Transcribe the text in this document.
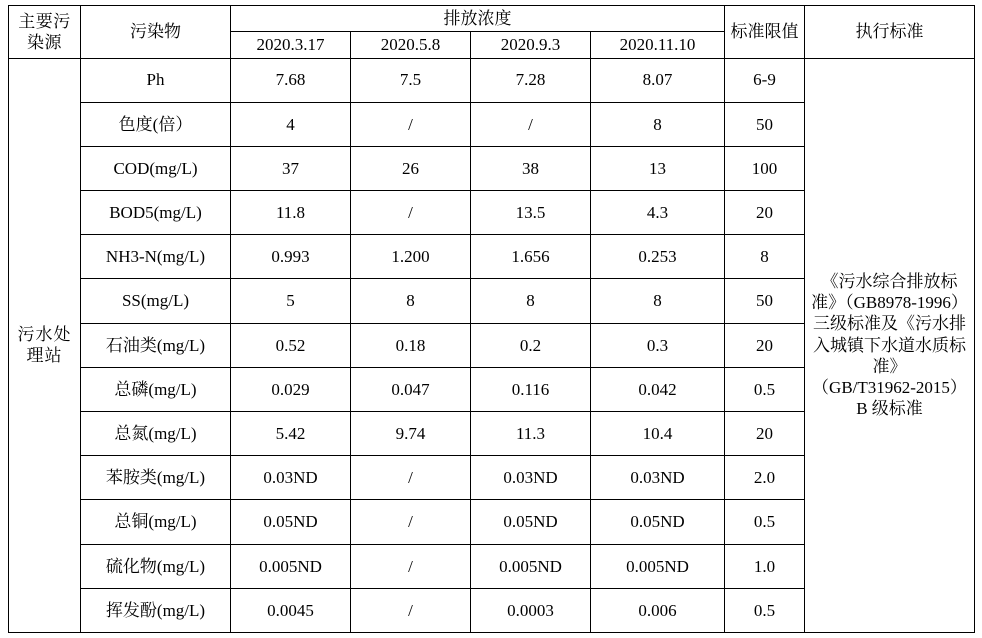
主要污染源	污染物	排放浓度				标准限值	执行标准
		2020.3.17	2020.5.8	2020.9.3	2020.11.10		
污水处理站	Ph	7.68	7.5	7.28	8.07	6-9	
《污水综合排放标
准》（GB8978-1996）
三级标准及《污水排
入城镇下水道水质标
准》
（GB/T31962-2015）
B 级标准

	色度(倍）	4	/	/	8	50	
	COD(mg/L)	37	26	38	13	100	
	BOD5(mg/L)	11.8	/	13.5	4.3	20	
	NH3-N(mg/L)	0.993	1.200	1.656	0.253	8	
	SS(mg/L)	5	8	8	8	50	
	石油类(mg/L)	0.52	0.18	0.2	0.3	20	
	总磷(mg/L)	0.029	0.047	0.116	0.042	0.5	
	总氮(mg/L)	5.42	9.74	11.3	10.4	20	
	苯胺类(mg/L)	0.03ND	/	0.03ND	0.03ND	2.0	
	总铜(mg/L)	0.05ND	/	0.05ND	0.05ND	0.5	
	硫化物(mg/L)	0.005ND	/	0.005ND	0.005ND	1.0	
	挥发酚(mg/L)	0.0045	/	0.0003	0.006	0.5	
